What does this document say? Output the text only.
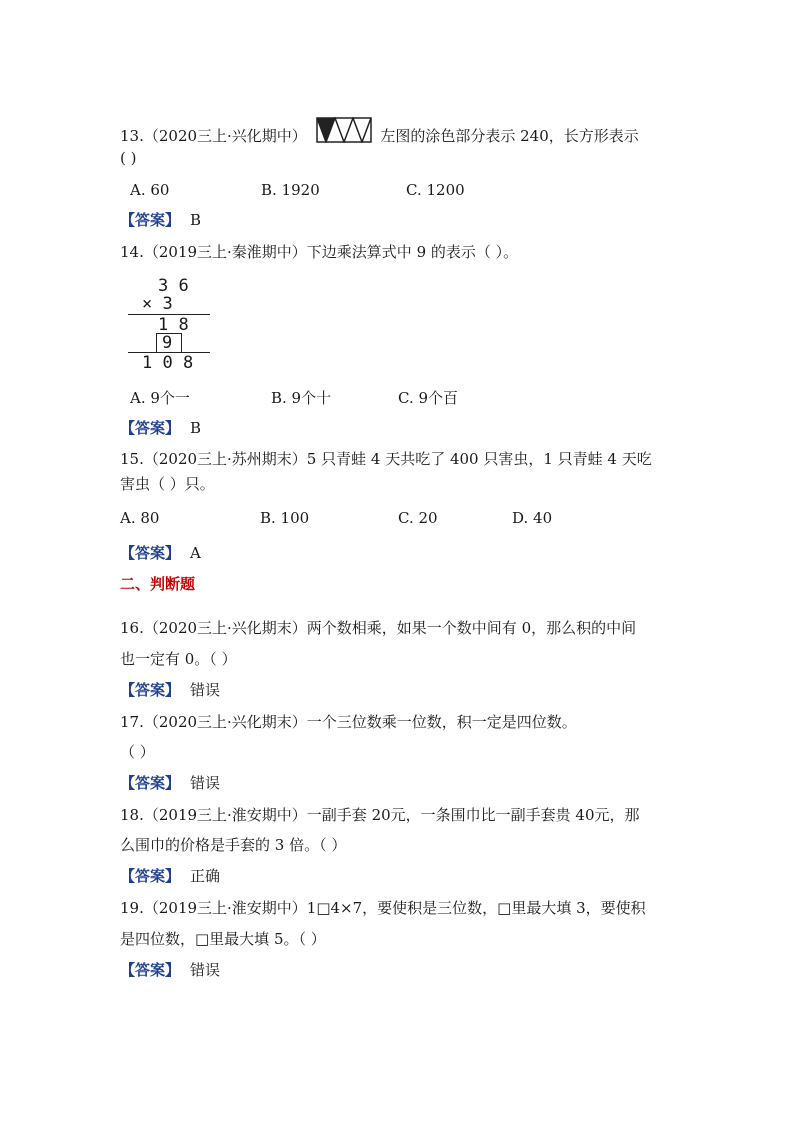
13.（2020三上·兴化期中）	左图的涂色部分表示 240，长方形表示
( )
A. 60	B. 1920	C. 1200
【答案】 B
14.（2019三上·秦淮期中）下边乘法算式中 9 的表示（ ）。
3 6
× 3
1 8
9
1 0 8
A. 9个一	B. 9个十	C. 9个百
【答案】 B
15.（2020三上·苏州期末）5 只青蛙 4 天共吃了 400 只害虫，1 只青蛙 4 天吃
害虫（ ）只。
A. 80	B. 100	C. 20	D. 40
【答案】 A
二、判断题
16.（2020三上·兴化期末）两个数相乘，如果一个数中间有 0，那么积的中间
也一定有 0。（ ）
【答案】 错误
17.（2020三上·兴化期末）一个三位数乘一位数，积一定是四位数。
（ ）
【答案】 错误
18.（2019三上·淮安期中）一副手套 20元，一条围巾比一副手套贵 40元，那
么围巾的价格是手套的 3 倍。（ ）
【答案】 正确
19.（2019三上·淮安期中）1□4×7，要使积是三位数，□里最大填 3，要使积
是四位数，□里最大填 5。（ ）
【答案】 错误
